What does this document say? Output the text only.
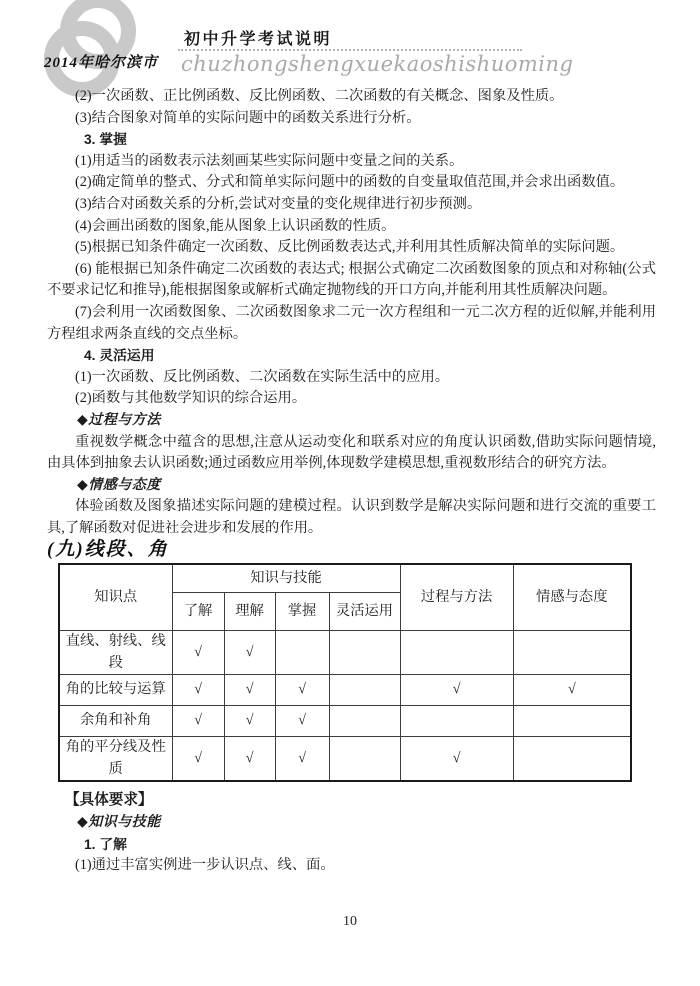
2014年哈尔滨市
初中升学考试说明
chuzhongshengxuekaoshishuoming

(2)一次函数、正比例函数、反比例函数、二次函数的有关概念、图象及性质。

(3)结合图象对简单的实际问题中的函数关系进行分析。

3. 掌握

(1)用适当的函数表示法刻画某些实际问题中变量之间的关系。

(2)确定简单的整式、分式和简单实际问题中的函数的自变量取值范围,并会求出函数值。

(3)结合对函数关系的分析,尝试对变量的变化规律进行初步预测。

(4)会画出函数的图象,能从图象上认识函数的性质。

(5)根据已知条件确定一次函数、反比例函数表达式,并利用其性质解决简单的实际问题。

(6) 能根据已知条件确定二次函数的表达式; 根据公式确定二次函数图象的顶点和对称轴(公式不要求记忆和推导),能根据图象或解析式确定抛物线的开口方向,并能利用其性质解决问题。

(7)会利用一次函数图象、二次函数图象求二元一次方程组和一元二次方程的近似解,并能利用方程组求两条直线的交点坐标。

4. 灵活运用

(1)一次函数、反比例函数、二次函数在实际生活中的应用。

(2)函数与其他数学知识的综合运用。

◆过程与方法

重视数学概念中蕴含的思想,注意从运动变化和联系对应的角度认识函数,借助实际问题情境,由具体到抽象去认识函数;通过函数应用举例,体现数学建模思想,重视数形结合的研究方法。

◆情感与态度

体验函数及图象描述实际问题的建模过程。认识到数学是解决实际问题和进行交流的重要工具,了解函数对促进社会进步和发展的作用。

(九)线段、角

知识点	知识与技能				过程与方法	情感与态度
	了解	理解	掌握	灵活运用		
直线、射线、线段	√	√				
角的比较与运算	√	√	√		√	√
余角和补角	√	√	√			
角的平分线及性质	√	√	√		√	

【具体要求】

◆知识与技能

1. 了解

(1)通过丰富实例进一步认识点、线、面。

10
